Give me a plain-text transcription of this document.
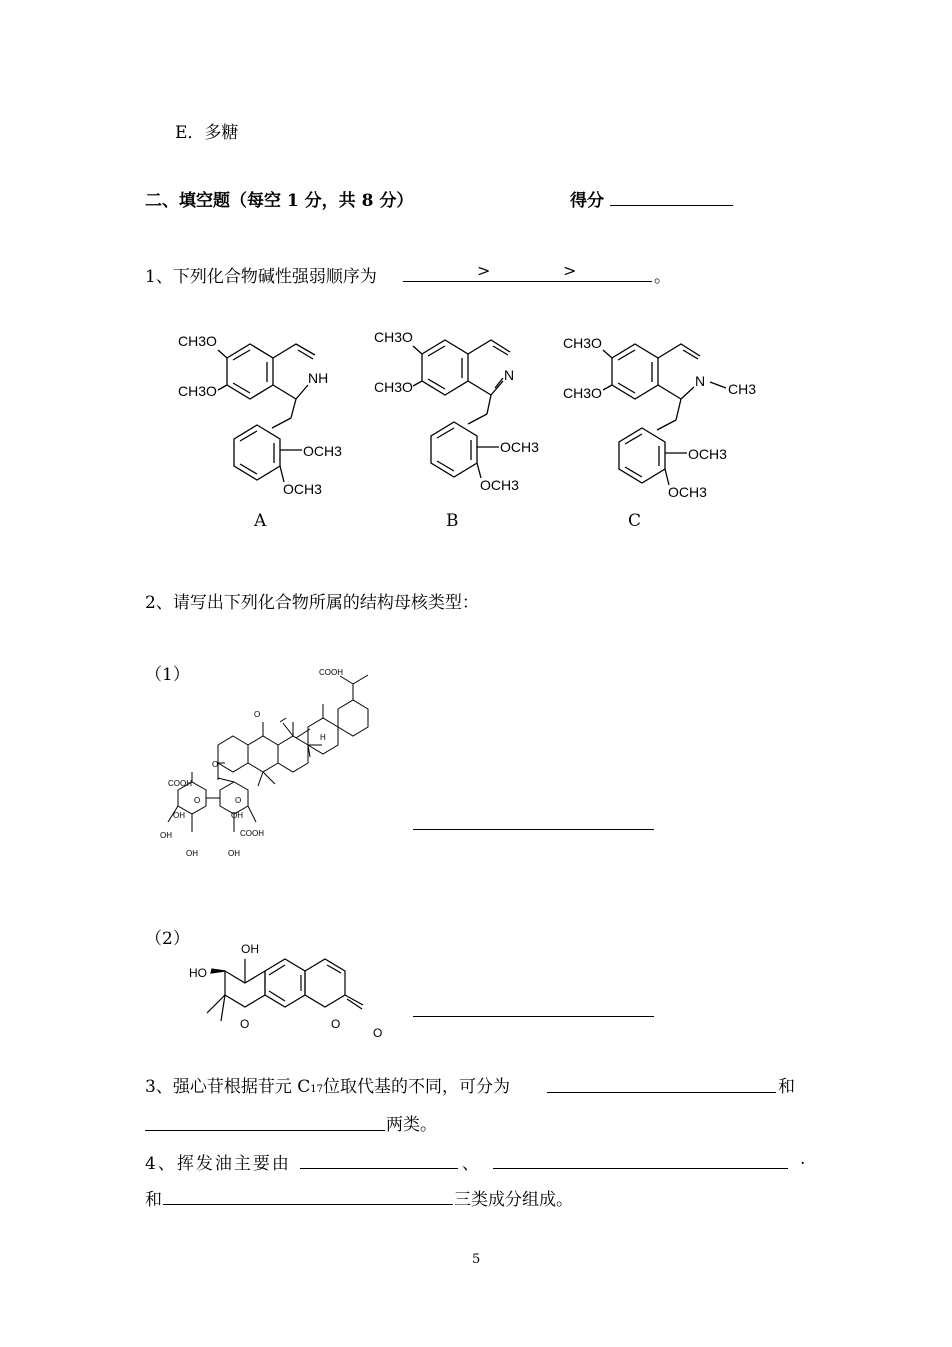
E．多糖
二、填空题（每空 1 分，共 8 分）	得分
1、下列化合物碱性强弱顺序为	>	>	。
CH3O
CH3O
NH
OCH3
OCH3
CH3O
CH3O
N
OCH3
OCH3
CH3O
CH3O
N CH3
OCH3
OCH3
A	B	C
2、请写出下列化合物所属的结构母核类型：
（1）	COOH
O
H
O
COOH
O	O
OH
OH
OH	OH
OH
COOH
（2）	OH
HO
O	O
O
3、强心苷根据苷元 C17位取代基的不同，可分为	和
两类。
4、挥发油主要由	、	.
和	三类成分组成。
5
